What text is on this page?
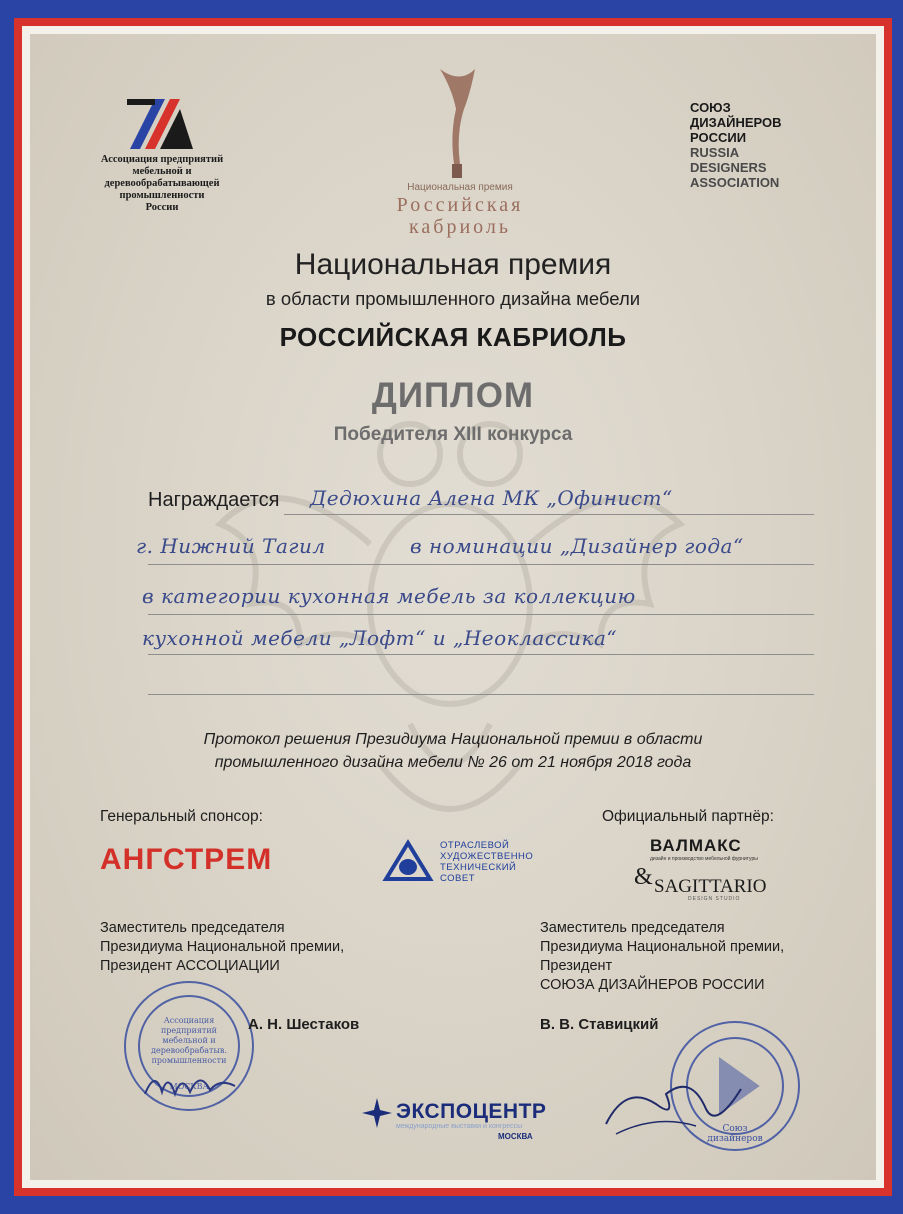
Ассоциация предприятий
мебельной и
деревообрабатывающей
промышленности
России
Национальная премия
Российская
кабриоль
СОЮЗ
ДИЗАЙНЕРОВ
РОССИИ
RUSSIA
DESIGNERS
ASSOCIATION
Национальная премия
в области промышленного дизайна мебели
РОССИЙСКАЯ КАБРИОЛЬ
ДИПЛОМ
Победителя XIII конкурса
Награждается Дедюхина Алена МК „Офинист“
г. Нижний Тагил	в номинации „Дизайнер года“
в категории кухонная мебель за коллекцию
кухонной мебели „Лофт“ и „Неоклассика“
Протокол решения Президиума Национальной премии в области
промышленного дизайна мебели № 26 от 21 ноября 2018 года
Генеральный спонсор:	Официальный партнёр:
АНГСТРЕМ	ОТРАСЛЕВОЙ
ХУДОЖЕСТВЕННО
ТЕХНИЧЕСКИЙ
СОВЕТ
ВАЛМАКС
дизайн и производство мебельной фурнитуры
& SAGITTARIO
DESIGN STUDIO
Заместитель председателя
Президиума Национальной премии,
Президент АССОЦИАЦИИ
Заместитель председателя
Президиума Национальной премии,
Президент
СОЮЗА ДИЗАЙНЕРОВ РОССИИ
Ассоциация
предприятий
мебельной и
деревообрабатыв.
промышленности
МОСКВА
А. Н. Шестаков
Союз
дизайнеров
В. В. Ставицкий
ЭКСПОЦЕНТР
международные выставки и конгрессы
МОСКВА
